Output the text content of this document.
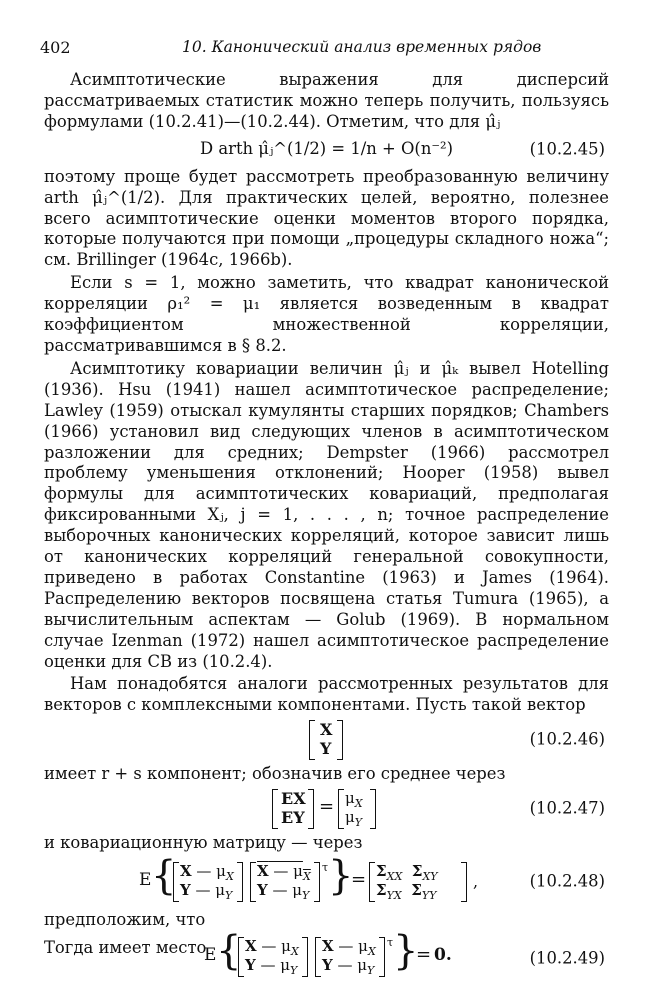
402	10. Канонический анализ временных рядов

Асимптотические выражения для дисперсий рассматриваемых статистик можно теперь получить, пользуясь формулами (10.2.41)—(10.2.44). Отметим, что для μ̂ⱼ

D arth μ̂ⱼ^(1/2) = 1/n + O(n⁻²)	(10.2.45)

поэтому проще будет рассмотреть преобразованную величину arth μ̂ⱼ^(1/2). Для практических целей, вероятно, полезнее всего асимптотические оценки моментов второго порядка, которые получаются при помощи „процедуры складного ножа“; см. Brillinger (1964c, 1966b).

Если s = 1, можно заметить, что квадрат канонической корреляции ρ₁² = μ₁ является возведенным в квадрат коэффициентом множественной корреляции, рассматривавшимся в § 8.2.

Асимптотику ковариации величин μ̂ⱼ и μ̂ₖ вывел Hotelling (1936). Hsu (1941) нашел асимптотическое распределение; Lawley (1959) отыскал кумулянты старших порядков; Chambers (1966) установил вид следующих членов в асимптотическом разложении для средних; Dempster (1966) рассмотрел проблему уменьшения отклонений; Hooper (1958) вывел формулы для асимптотических ковариаций, предполагая фиксированными Xⱼ, j = 1, . . . , n; точное распределение выборочных канонических корреляций, которое зависит лишь от канонических корреляций генеральной совокупности, приведено в работах Constantine (1963) и James (1964). Распределению векторов посвящена статья Tumura (1965), а вычислительным аспектам — Golub (1969). В нормальном случае Izenman (1972) нашел асимптотическое распределение оценки для CB из (10.2.4).

Нам понадобятся аналоги рассмотренных результатов для векторов с комплексными компонентами. Пусть такой вектор

X
Y	(10.2.46)

имеет r + s компонент; обозначив его среднее через

EX
EY
= $\mu_X$
$\mu_Y$
(10.2.47)

и ковариационную матрицу — через

E { X — $\mu_X$
Y — $\mu_Y$
X — $\mu_X$
Y — $\mu_Y$
τ }
= $\Sigma_{XX}$ $\Sigma_{XY}$
$\Sigma_{YX}$ $\Sigma_{YY}$
,	(10.2.48)

предположим, что

E { X — $\mu_X$
Y — $\mu_Y$
X — $\mu_X$
Y — $\mu_Y$
τ }
= 0.	(10.2.49)
Тогда имеет место
